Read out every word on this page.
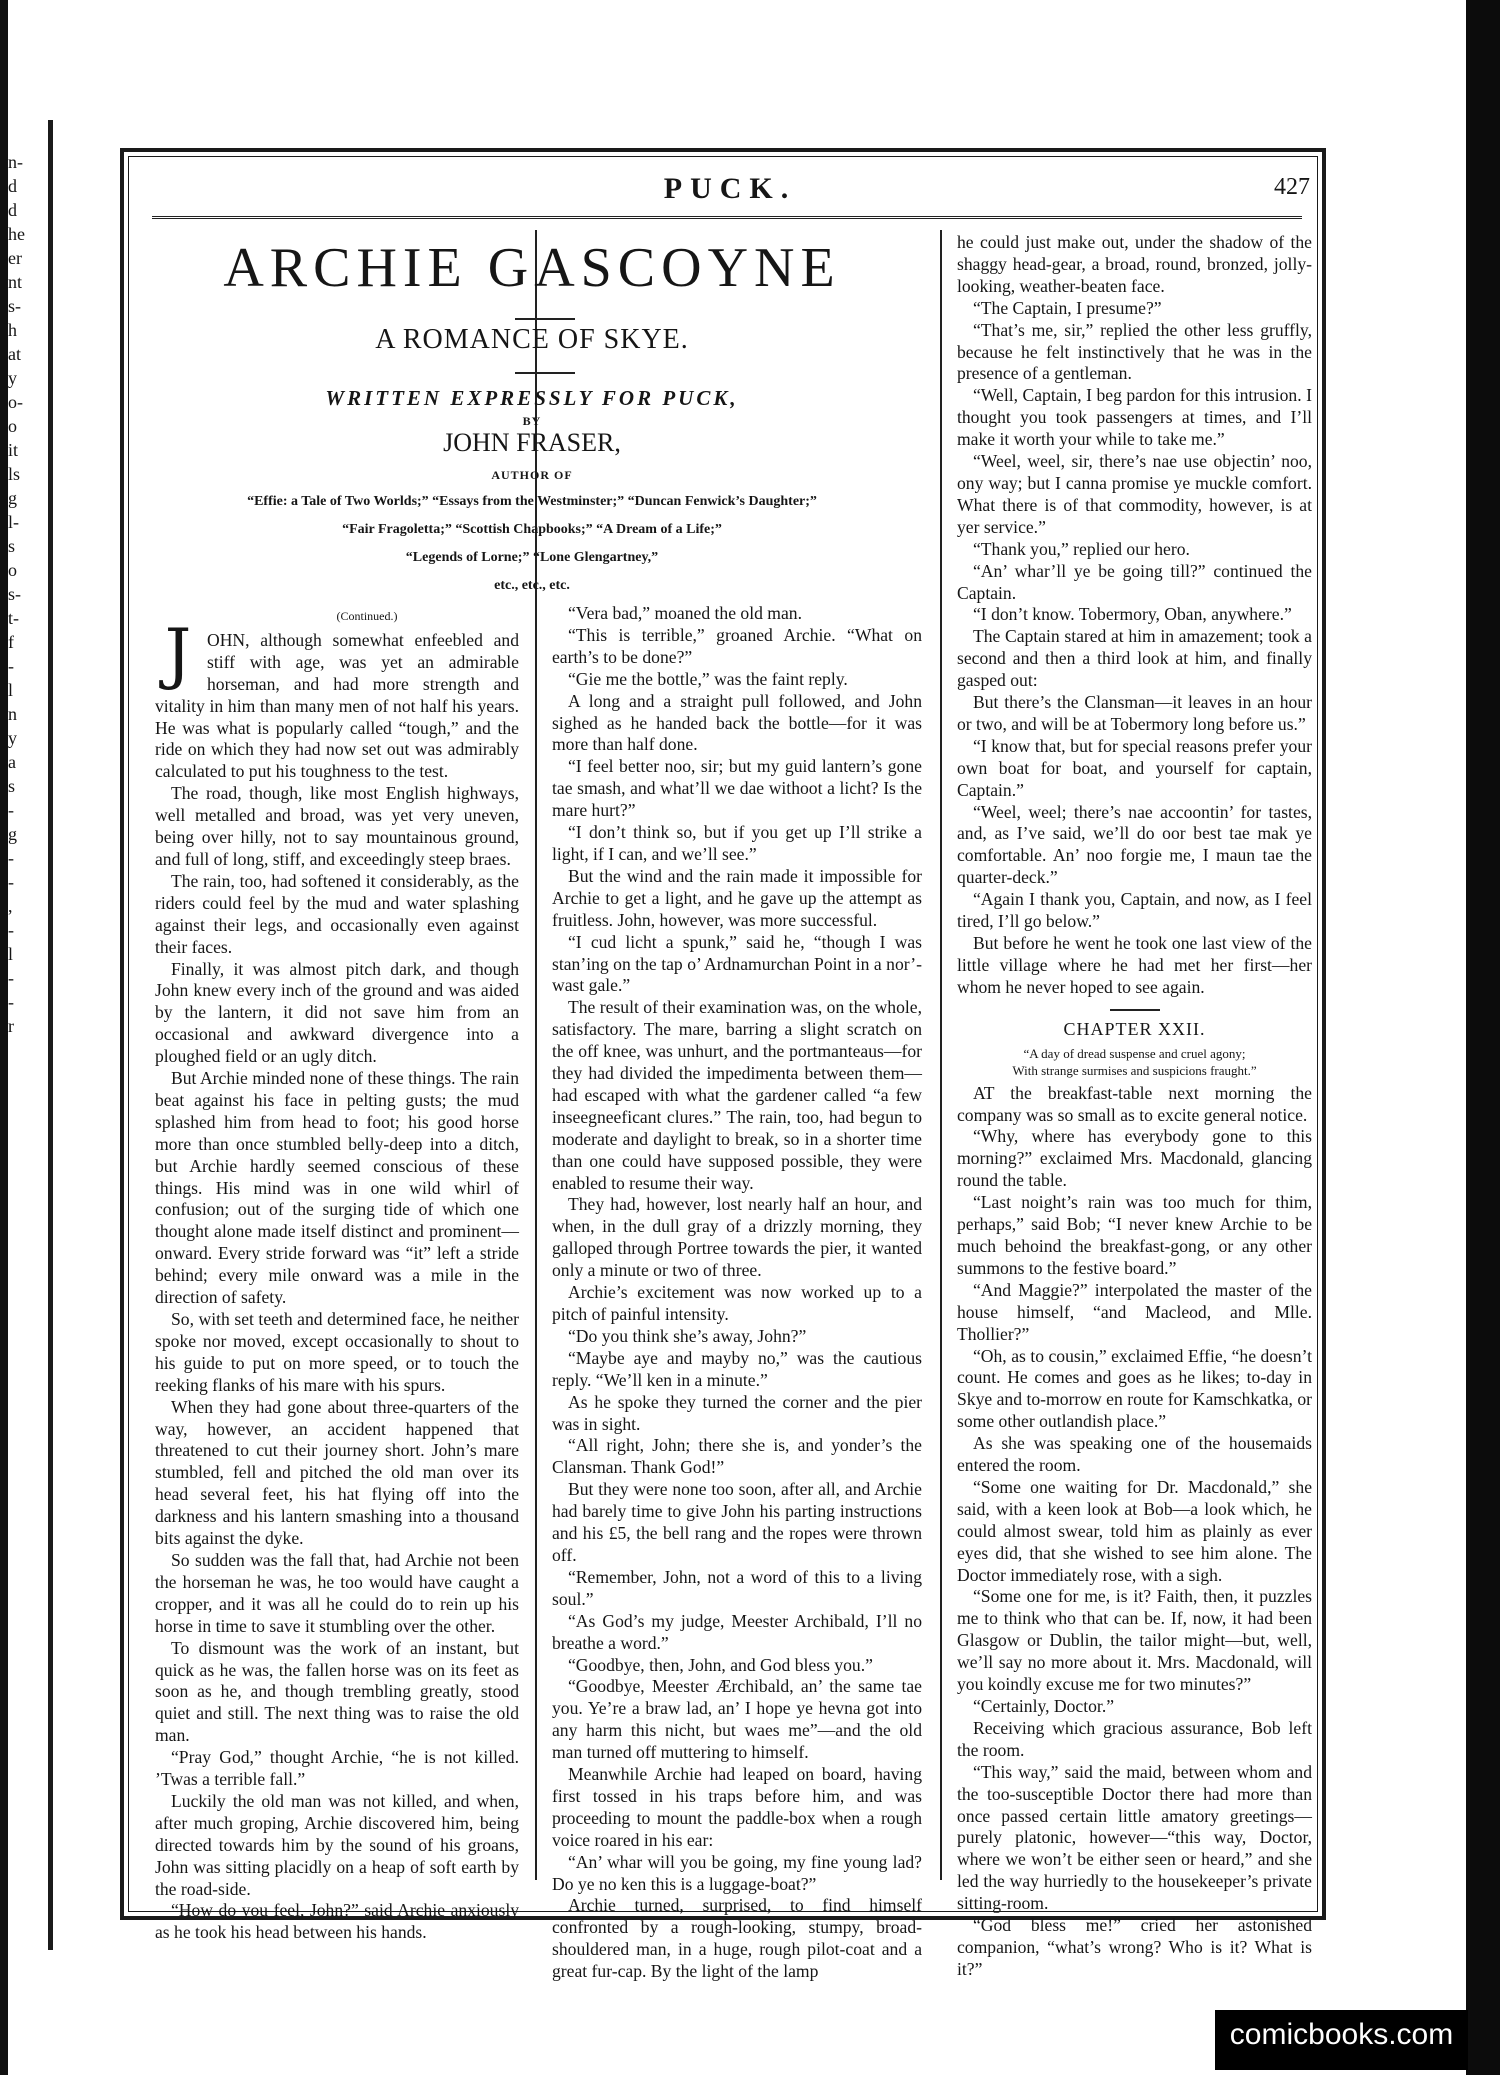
n-
d
d
he
er
nt
s-
h
at
y
o-
o
it
ls
g
l-
s
o
s-
t-
f
-
l
n
y
a
s
-
g
-
-
,
-
l
-
-
r
PUCK.	427
ARCHIE GASCOYNE
A ROMANCE OF SKYE.
WRITTEN EXPRESSLY FOR PUCK,
BY
JOHN FRASER,
AUTHOR OF
“Effie: a Tale of Two Worlds;” “Essays from the Westminster;” “Duncan Fenwick’s Daughter;”
“Fair Fragoletta;” “Scottish Chapbooks;” “A Dream of a Life;”
“Legends of Lorne;” “Lone Glengartney,”
etc., etc., etc.
(Continued.)
J OHN, although somewhat enfeebled and stiff with age, was yet an admirable horseman, and had more strength and vitality in him than many men of not half his years. He was what is popularly called “tough,” and the ride on which they had now set out was admirably calculated to put his toughness to the test.

The road, though, like most English highways, well metalled and broad, was yet very uneven, being over hilly, not to say mountainous ground, and full of long, stiff, and exceedingly steep braes.

The rain, too, had softened it considerably, as the riders could feel by the mud and water splashing against their legs, and occasionally even against their faces.

Finally, it was almost pitch dark, and though John knew every inch of the ground and was aided by the lantern, it did not save him from an occasional and awkward divergence into a ploughed field or an ugly ditch.

But Archie minded none of these things. The rain beat against his face in pelting gusts; the mud splashed him from head to foot; his good horse more than once stumbled belly-deep into a ditch, but Archie hardly seemed conscious of these things. His mind was in one wild whirl of confusion; out of the surging tide of which one thought alone made itself distinct and prominent—onward. Every stride forward was “it” left a stride behind; every mile onward was a mile in the direction of safety.

So, with set teeth and determined face, he neither spoke nor moved, except occasionally to shout to his guide to put on more speed, or to touch the reeking flanks of his mare with his spurs.

When they had gone about three-quarters of the way, however, an accident happened that threatened to cut their journey short. John’s mare stumbled, fell and pitched the old man over its head several feet, his hat flying off into the darkness and his lantern smashing into a thousand bits against the dyke.

So sudden was the fall that, had Archie not been the horseman he was, he too would have caught a cropper, and it was all he could do to rein up his horse in time to save it stumbling over the other.

To dismount was the work of an instant, but quick as he was, the fallen horse was on its feet as soon as he, and though trembling greatly, stood quiet and still. The next thing was to raise the old man.

“Pray God,” thought Archie, “he is not killed. ’Twas a terrible fall.”

Luckily the old man was not killed, and when, after much groping, Archie discovered him, being directed towards him by the sound of his groans, John was sitting placidly on a heap of soft earth by the road-side.

“How do you feel, John?” said Archie anxiously as he took his head between his hands.

“Vera bad,” moaned the old man.

“This is terrible,” groaned Archie. “What on earth’s to be done?”

“Gie me the bottle,” was the faint reply.

A long and a straight pull followed, and John sighed as he handed back the bottle—for it was more than half done.

“I feel better noo, sir; but my guid lantern’s gone tae smash, and what’ll we dae withoot a licht? Is the mare hurt?”

“I don’t think so, but if you get up I’ll strike a light, if I can, and we’ll see.”

But the wind and the rain made it impossible for Archie to get a light, and he gave up the attempt as fruitless. John, however, was more successful.

“I cud licht a spunk,” said he, “though I was stan’ing on the tap o’ Ardnamurchan Point in a nor’-wast gale.”

The result of their examination was, on the whole, satisfactory. The mare, barring a slight scratch on the off knee, was unhurt, and the portmanteaus—for they had divided the impedimenta between them—had escaped with what the gardener called “a few inseegneeficant clures.” The rain, too, had begun to moderate and daylight to break, so in a shorter time than one could have supposed possible, they were enabled to resume their way.

They had, however, lost nearly half an hour, and when, in the dull gray of a drizzly morning, they galloped through Portree towards the pier, it wanted only a minute or two of three.

Archie’s excitement was now worked up to a pitch of painful intensity.

“Do you think she’s away, John?”

“Maybe aye and mayby no,” was the cautious reply. “We’ll ken in a minute.”

As he spoke they turned the corner and the pier was in sight.

“All right, John; there she is, and yonder’s the Clansman. Thank God!”

But they were none too soon, after all, and Archie had barely time to give John his parting instructions and his £5, the bell rang and the ropes were thrown off.

“Remember, John, not a word of this to a living soul.”

“As God’s my judge, Meester Archibald, I’ll no breathe a word.”

“Goodbye, then, John, and God bless you.”

“Goodbye, Meester Ærchibald, an’ the same tae you. Ye’re a braw lad, an’ I hope ye hevna got into any harm this nicht, but waes me”—and the old man turned off muttering to himself.

Meanwhile Archie had leaped on board, having first tossed in his traps before him, and was proceeding to mount the paddle-box when a rough voice roared in his ear:

“An’ whar will you be going, my fine young lad? Do ye no ken this is a luggage-boat?”

Archie turned, surprised, to find himself confronted by a rough-looking, stumpy, broad-shouldered man, in a huge, rough pilot-coat and a great fur-cap. By the light of the lamp

he could just make out, under the shadow of the shaggy head-gear, a broad, round, bronzed, jolly-looking, weather-beaten face.

“The Captain, I presume?”

“That’s me, sir,” replied the other less gruffly, because he felt instinctively that he was in the presence of a gentleman.

“Well, Captain, I beg pardon for this intrusion. I thought you took passengers at times, and I’ll make it worth your while to take me.”

“Weel, weel, sir, there’s nae use objectin’ noo, ony way; but I canna promise ye muckle comfort. What there is of that commodity, however, is at yer service.”

“Thank you,” replied our hero.

“An’ whar’ll ye be going till?” continued the Captain.

“I don’t know. Tobermory, Oban, anywhere.”

The Captain stared at him in amazement; took a second and then a third look at him, and finally gasped out:

But there’s the Clansman—it leaves in an hour or two, and will be at Tobermory long before us.”

“I know that, but for special reasons prefer your own boat for boat, and yourself for captain, Captain.”

“Weel, weel; there’s nae accoontin’ for tastes, and, as I’ve said, we’ll do oor best tae mak ye comfortable. An’ noo forgie me, I maun tae the quarter-deck.”

“Again I thank you, Captain, and now, as I feel tired, I’ll go below.”

But before he went he took one last view of the little village where he had met her first—her whom he never hoped to see again.

CHAPTER XXII.
“A day of dread suspense and cruel agony;
With strange surmises and suspicions fraught.”

AT the breakfast-table next morning the company was so small as to excite general notice.

“Why, where has everybody gone to this morning?” exclaimed Mrs. Macdonald, glancing round the table.

“Last noight’s rain was too much for thim, perhaps,” said Bob; “I never knew Archie to be much behoind the breakfast-gong, or any other summons to the festive board.”

“And Maggie?” interpolated the master of the house himself, “and Macleod, and Mlle. Thollier?”

“Oh, as to cousin,” exclaimed Effie, “he doesn’t count. He comes and goes as he likes; to-day in Skye and to-morrow en route for Kamschkatka, or some other outlandish place.”

As she was speaking one of the housemaids entered the room.

“Some one waiting for Dr. Macdonald,” she said, with a keen look at Bob—a look which, he could almost swear, told him as plainly as ever eyes did, that she wished to see him alone. The Doctor immediately rose, with a sigh.

“Some one for me, is it? Faith, then, it puzzles me to think who that can be. If, now, it had been Glasgow or Dublin, the tailor might—but, well, we’ll say no more about it. Mrs. Macdonald, will you koindly excuse me for two minutes?”

“Certainly, Doctor.”

Receiving which gracious assurance, Bob left the room.

“This way,” said the maid, between whom and the too-susceptible Doctor there had more than once passed certain little amatory greetings—purely platonic, however—“this way, Doctor, where we won’t be either seen or heard,” and she led the way hurriedly to the housekeeper’s private sitting-room.

“God bless me!” cried her astonished companion, “what’s wrong? Who is it? What is it?”

comicbooks.com
